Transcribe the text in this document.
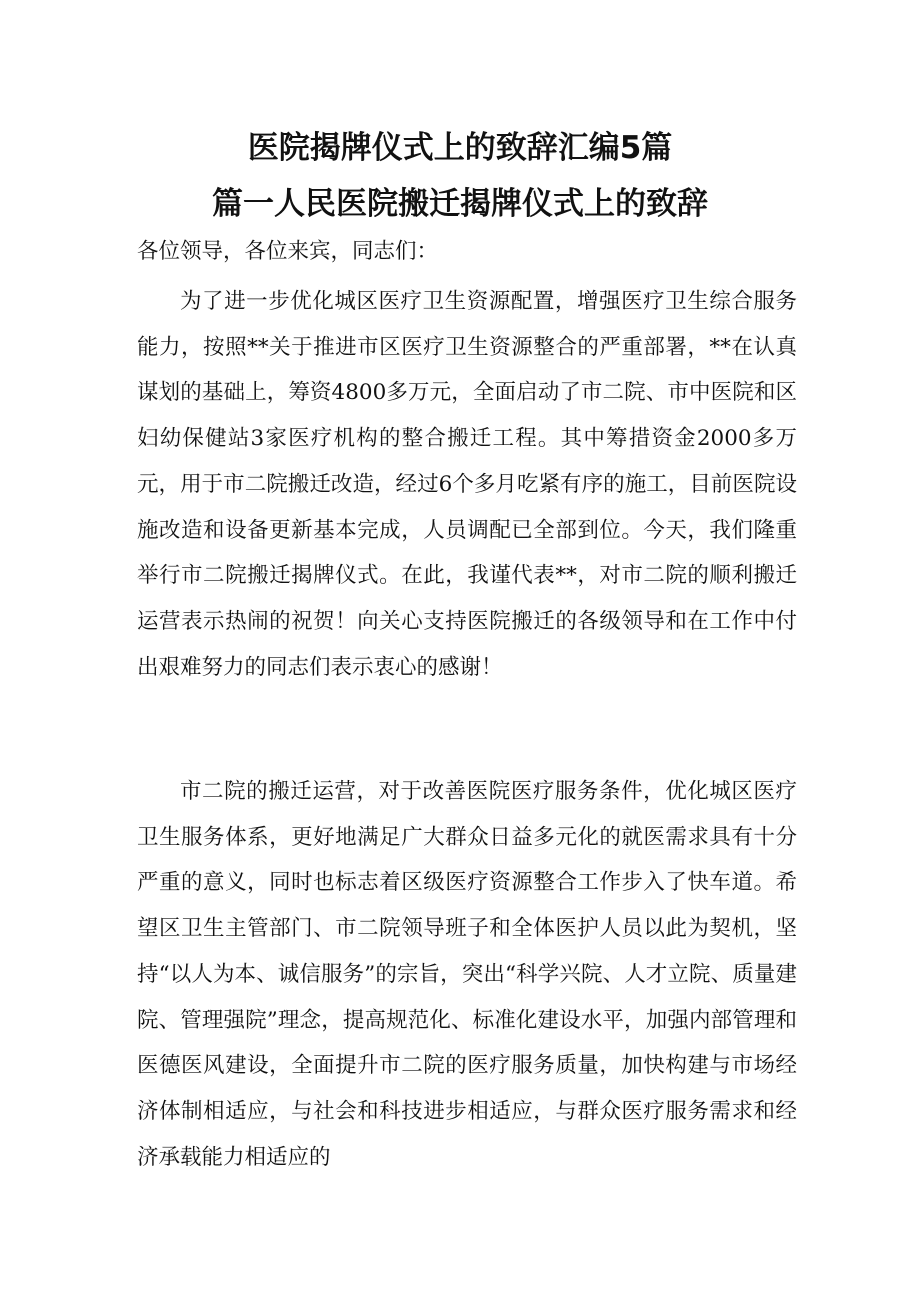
医院揭牌仪式上的致辞汇编5篇
篇一人民医院搬迁揭牌仪式上的致辞
各位领导，各位来宾，同志们：

为了进一步优化城区医疗卫生资源配置，增强医疗卫生综合服务能力，按照**关于推进市区医疗卫生资源整合的严重部署，**在认真谋划的基础上，筹资4800多万元，全面启动了市二院、市中医院和区妇幼保健站3家医疗机构的整合搬迁工程。其中筹措资金2000多万元，用于市二院搬迁改造，经过6个多月吃紧有序的施工，目前医院设施改造和设备更新基本完成，人员调配已全部到位。今天，我们隆重举行市二院搬迁揭牌仪式。在此，我谨代表**，对市二院的顺利搬迁运营表示热闹的祝贺！向关心支持医院搬迁的各级领导和在工作中付出艰难努力的同志们表示衷心的感谢！

市二院的搬迁运营，对于改善医院医疗服务条件，优化城区医疗卫生服务体系，更好地满足广大群众日益多元化的就医需求具有十分严重的意义，同时也标志着区级医疗资源整合工作步入了快车道。希望区卫生主管部门、市二院领导班子和全体医护人员以此为契机，坚持“以人为本、诚信服务”的宗旨，突出“科学兴院、人才立院、质量建院、管理强院”理念，提高规范化、标准化建设水平，加强内部管理和医德医风建设，全面提升市二院的医疗服务质量，加快构建与市场经济体制相适应，与社会和科技进步相适应，与群众医疗服务需求和经济承载能力相适应的
